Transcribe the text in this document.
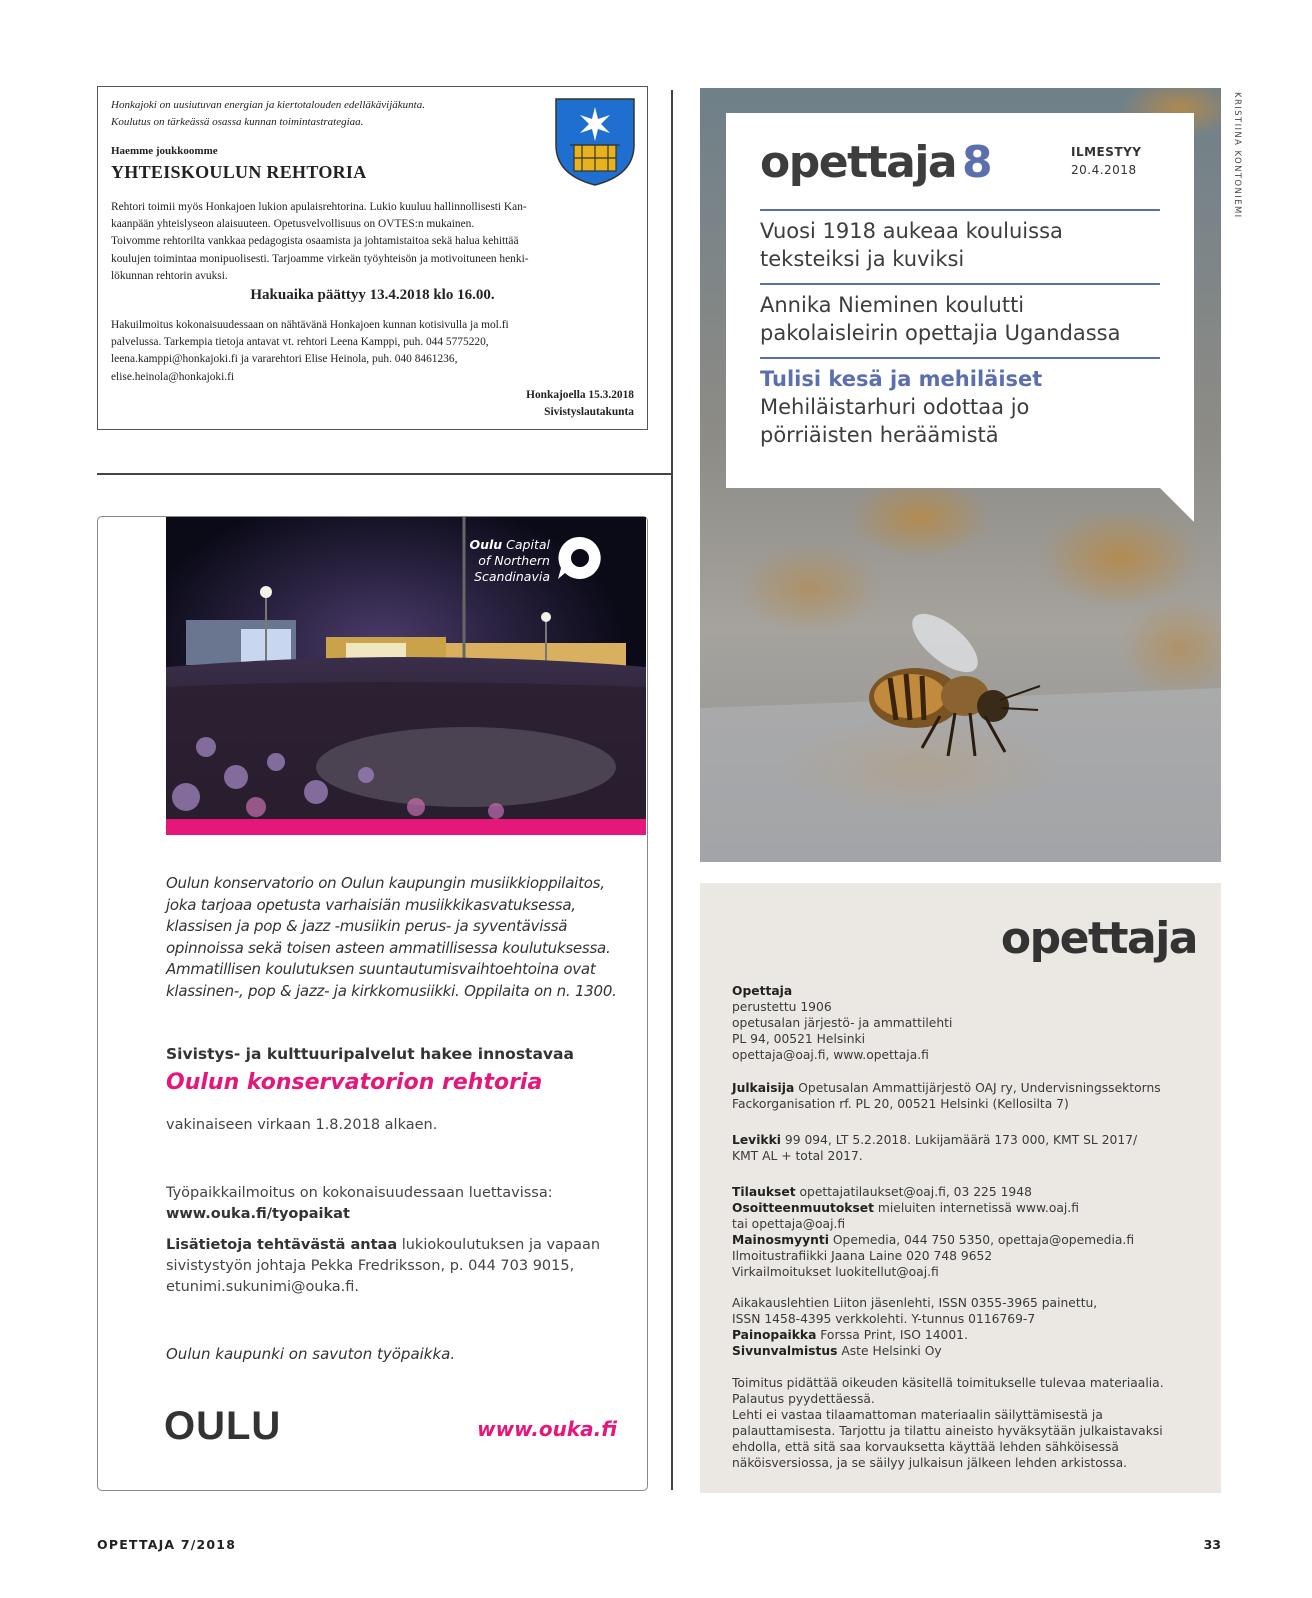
Honkajoki on uusiutuvan energian ja kiertotalouden edelläkävijäkunta.
Koulutus on tärkeässä osassa kunnan toimintastrategiaa.
Haemme joukkoomme
YHTEISKOULUN REHTORIA
Rehtori toimii myös Honkajoen lukion apulaisrehtorina. Lukio kuuluu hallinnollisesti Kan-
kaanpään yhteislyseon alaisuuteen. Opetusvelvollisuus on OVTES:n mukainen.
Toivomme rehtorilta vankkaa pedagogista osaamista ja johtamistaitoa sekä halua kehittää
koulujen toimintaa monipuolisesti. Tarjoamme virkeän työyhteisön ja motivoituneen henki-
lökunnan rehtorin avuksi.
Hakuaika päättyy 13.4.2018 klo 16.00.
Hakuilmoitus kokonaisuudessaan on nähtävänä Honkajoen kunnan kotisivulla ja mol.fi
palvelussa. Tarkempia tietoja antavat vt. rehtori Leena Kamppi, puh. 044 5775220,
leena.kamppi@honkajoki.fi ja vararehtori Elise Heinola, puh. 040 8461236,
elise.heinola@honkajoki.fi
Honkajoella 15.3.2018
Sivistyslautakunta
Oulu Capital
of Northern
Scandinavia
Oulun konservatorio on Oulun kaupungin musiikkioppilaitos,
joka tarjoaa opetusta varhaisiän musiikkikasvatuksessa,
klassisen ja pop & jazz -musiikin perus- ja syventävissä
opinnoissa sekä toisen asteen ammatillisessa koulutuksessa.
Ammatillisen koulutuksen suuntautumisvaihtoehtoina ovat
klassinen-, pop & jazz- ja kirkkomusiikki. Oppilaita on n. 1300.
Sivistys- ja kulttuuripalvelut hakee innostavaa
Oulun konservatorion rehtoria
vakinaiseen virkaan 1.8.2018 alkaen.
Työpaikkailmoitus on kokonaisuudessaan luettavissa:
www.ouka.fi/tyopaikat
Lisätietoja tehtävästä antaa lukiokoulutuksen ja vapaan
sivistystyön johtaja Pekka Fredriksson, p. 044 703 9015,
etunimi.sukunimi@ouka.fi.
Oulun kaupunki on savuton työpaikka.
OULU	www.ouka.fi
opettaja 8	ILMESTYY
20.4.2018
Vuosi 1918 aukeaa kouluissa
teksteiksi ja kuviksi
Annika Nieminen koulutti
pakolaisleirin opettajia Ugandassa
Tulisi kesä ja mehiläiset
Mehiläistarhuri odottaa jo
pörriäisten heräämistä
KRISTIINA KONTONIEMI
opettaja
Opettaja
perustettu 1906
opetusalan järjestö- ja ammattilehti
PL 94, 00521 Helsinki
opettaja@oaj.fi, www.opettaja.fi
Julkaisija Opetusalan Ammattijärjestö OAJ ry, Undervisningssektorns
Fackorganisation rf. PL 20, 00521 Helsinki (Kellosilta 7)
Levikki 99 094, LT 5.2.2018. Lukijamäärä 173 000, KMT SL 2017/
KMT AL + total 2017.
Tilaukset opettajatilaukset@oaj.fi, 03 225 1948
Osoitteenmuutokset mieluiten internetissä www.oaj.fi
tai opettaja@oaj.fi
Mainosmyynti Opemedia, 044 750 5350, opettaja@opemedia.fi
Ilmoitustrafiikki Jaana Laine 020 748 9652
Virkailmoitukset luokitellut@oaj.fi
Aikakauslehtien Liiton jäsenlehti, ISSN 0355-3965 painettu,
ISSN 1458-4395 verkkolehti. Y-tunnus 0116769-7
Painopaikka Forssa Print, ISO 14001.
Sivunvalmistus Aste Helsinki Oy
Toimitus pidättää oikeuden käsitellä toimitukselle tulevaa materiaalia.
Palautus pyydettäessä.
Lehti ei vastaa tilaamattoman materiaalin säilyttämisestä ja
palauttamisesta. Tarjottu ja tilattu aineisto hyväksytään julkaistavaksi
ehdolla, että sitä saa korvauksetta käyttää lehden sähköisessä
näköisversiossa, ja se säilyy julkaisun jälkeen lehden arkistossa.
OPETTAJA 7/2018	33
